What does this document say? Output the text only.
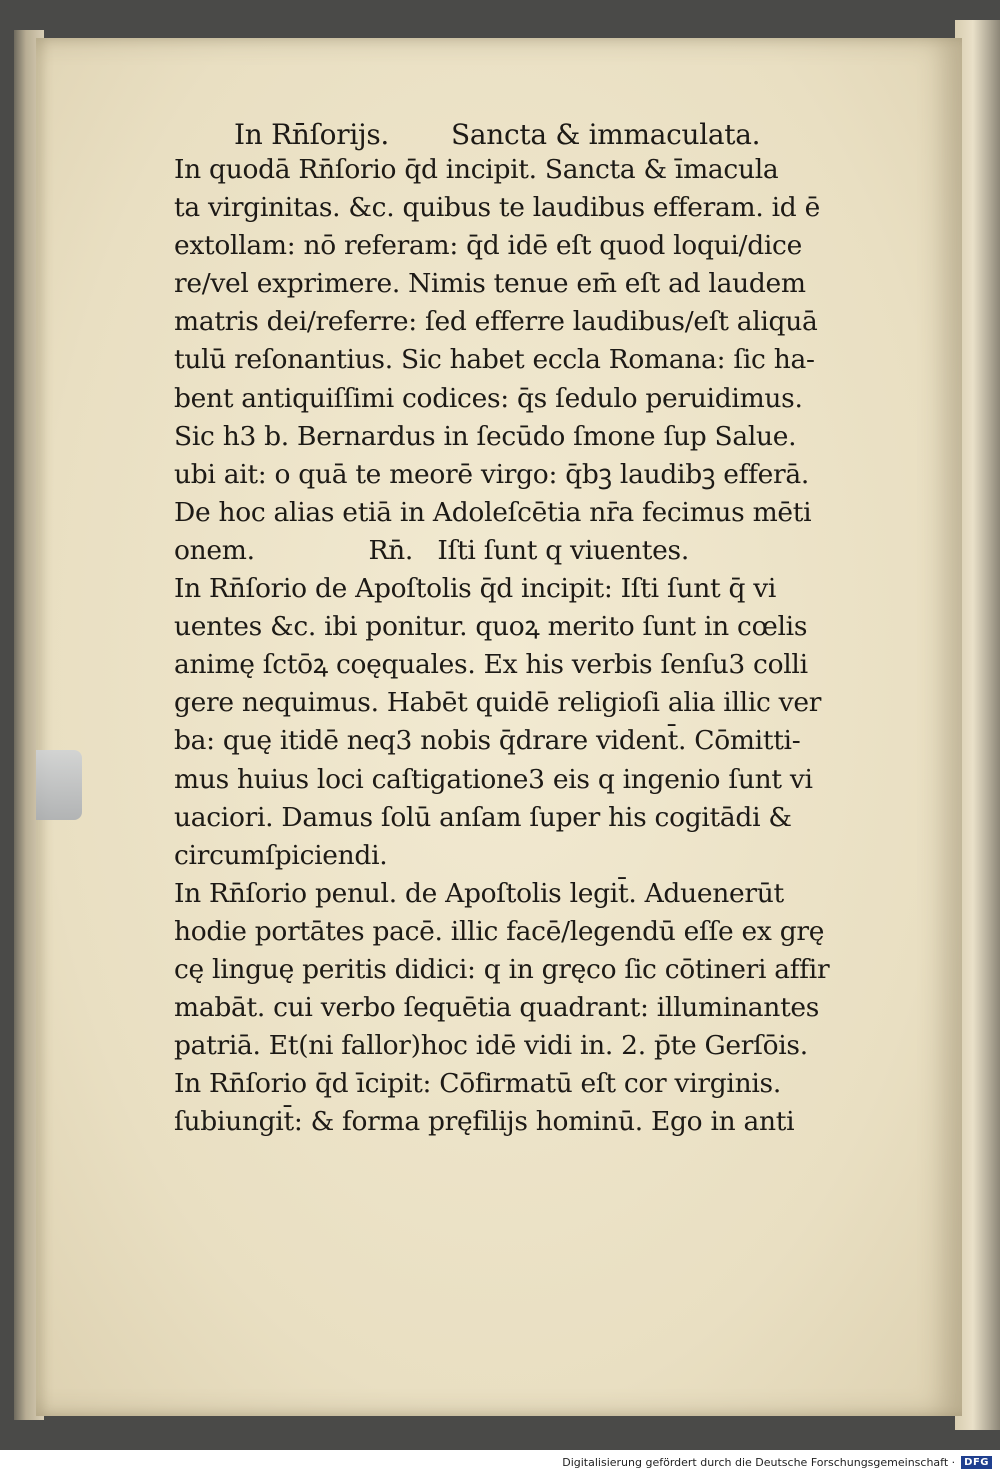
In Rn̄ſorijs. Sancta & immaculata.
In quodā Rn̄ſorio q̄d incipit. Sancta & īmacula
ta virginitas. &c. quibus te laudibus efferam. id ē
extollam: nō referam: q̄d idē eſt quod loqui/dice
re/vel exprimere. Nimis tenue em̄ eſt ad laudem
matris dei/referre: ſed efferre laudibus/eſt aliquā
tulū reſonantius. Sic habet eccla Romana: ſic ha-
bent antiquiſſimi codices: q̄s ſedulo peruidimus.
Sic h3 b. Bernardus in ſecūdo ſmone ſup Salue.
ubi ait: o quā te meorē virgo: q̄bꝫ laudibꝫ efferā.
De hoc alias etiā in Adoleſcētia nr̄a fecimus mēti
onem.              Rn̄.   Iſti ſunt q viuentes.
In Rn̄ſorio de Apoſtolis q̄d incipit: Iſti ſunt q̄ vi
uentes &c. ibi ponitur. quoꝝ merito ſunt in cœlis
animę ſctōꝝ coęquales. Ex his verbis ſenſu3 colli
gere nequimus. Habēt quidē religioſi alia illic ver
ba: quę itidē neq3 nobis q̄drare vident̄. Cōmitti-
mus huius loci caſtigatione3 eis q ingenio ſunt vi
uaciori. Damus ſolū anſam ſuper his cogitādi &
circumſpiciendi.
In Rn̄ſorio penul. de Apoſtolis legit̄. Aduenerūt
hodie portātes pacē. illic facē/legendū eſſe ex grę
cę linguę peritis didici: q in gręco ſic cōtineri affir
mabāt. cui verbo ſequētia quadrant: illuminantes
patriā. Et(ni fallor)hoc idē vidi in. 2. p̄te Gerſōis.
In Rn̄ſorio q̄d īcipit: Cōfirmatū eſt cor virginis.
ſubiungit̄: & forma pręfilijs hominū. Ego in anti
Digitalisierung gefördert durch die Deutsche Forschungsgemeinschaft · DFG
